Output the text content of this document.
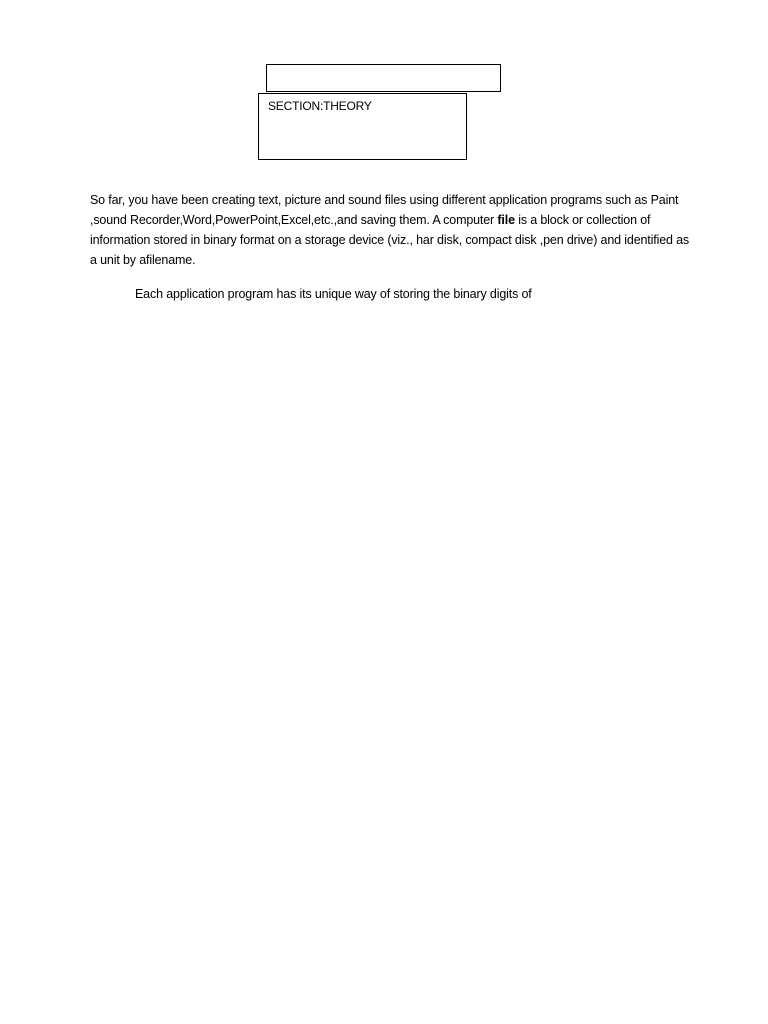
SECTION:THEORY

So far, you have been creating text, picture and sound files using different application programs such as Paint ,sound Recorder,Word,PowerPoint,Excel,etc.,and saving them. A computer file is a block or collection of information stored in binary format on a storage device (viz., har disk, compact disk ,pen drive) and identified as a unit by afilename.

Each application program has its unique way of storing the binary digits of
